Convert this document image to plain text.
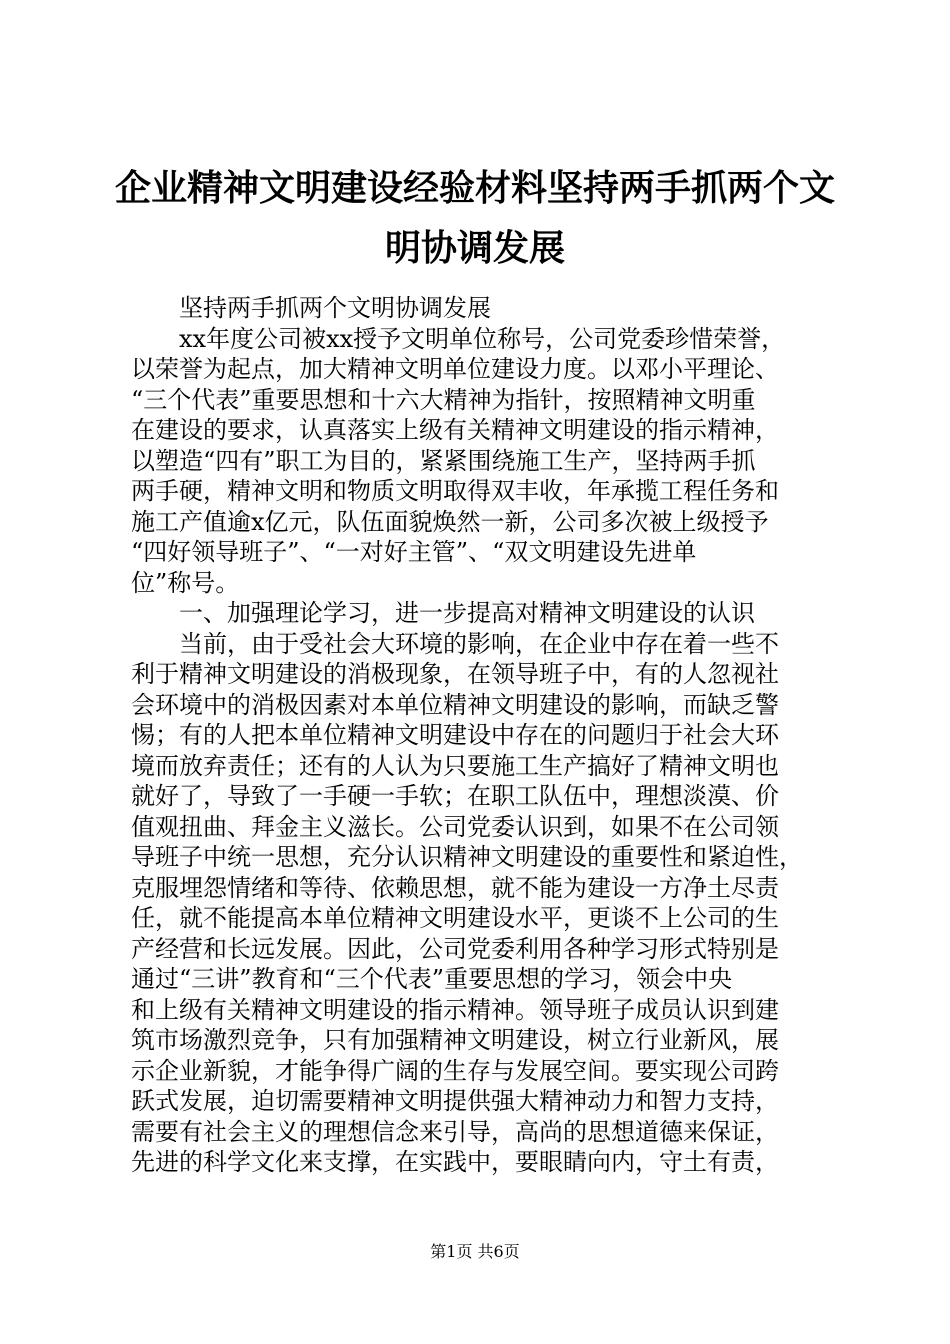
企业精神文明建设经验材料坚持两手抓两个文
明协调发展
坚持两手抓两个文明协调发展
xx年度公司被xx授予文明单位称号，公司党委珍惜荣誉，
以荣誉为起点，加大精神文明单位建设力度。以邓小平理论、
“三个代表”重要思想和十六大精神为指针，按照精神文明重
在建设的要求，认真落实上级有关精神文明建设的指示精神，
以塑造“四有”职工为目的，紧紧围绕施工生产，坚持两手抓
两手硬，精神文明和物质文明取得双丰收，年承揽工程任务和
施工产值逾x亿元，队伍面貌焕然一新，公司多次被上级授予
“四好领导班子”、“一对好主管”、“双文明建设先进单
位”称号。
一、加强理论学习，进一步提高对精神文明建设的认识
当前，由于受社会大环境的影响，在企业中存在着一些不
利于精神文明建设的消极现象，在领导班子中，有的人忽视社
会环境中的消极因素对本单位精神文明建设的影响，而缺乏警
惕；有的人把本单位精神文明建设中存在的问题归于社会大环
境而放弃责任；还有的人认为只要施工生产搞好了精神文明也
就好了，导致了一手硬一手软；在职工队伍中，理想淡漠、价
值观扭曲、拜金主义滋长。公司党委认识到，如果不在公司领
导班子中统一思想，充分认识精神文明建设的重要性和紧迫性，
克服埋怨情绪和等待、依赖思想，就不能为建设一方净土尽责
任，就不能提高本单位精神文明建设水平，更谈不上公司的生
产经营和长远发展。因此，公司党委利用各种学习形式特别是
通过“三讲”教育和“三个代表”重要思想的学习，领会中央
和上级有关精神文明建设的指示精神。领导班子成员认识到建
筑市场激烈竞争，只有加强精神文明建设，树立行业新风，展
示企业新貌，才能争得广阔的生存与发展空间。要实现公司跨
跃式发展，迫切需要精神文明提供强大精神动力和智力支持，
需要有社会主义的理想信念来引导，高尚的思想道德来保证，
先进的科学文化来支撑，在实践中，要眼睛向内，守土有责，
第1页 共6页
